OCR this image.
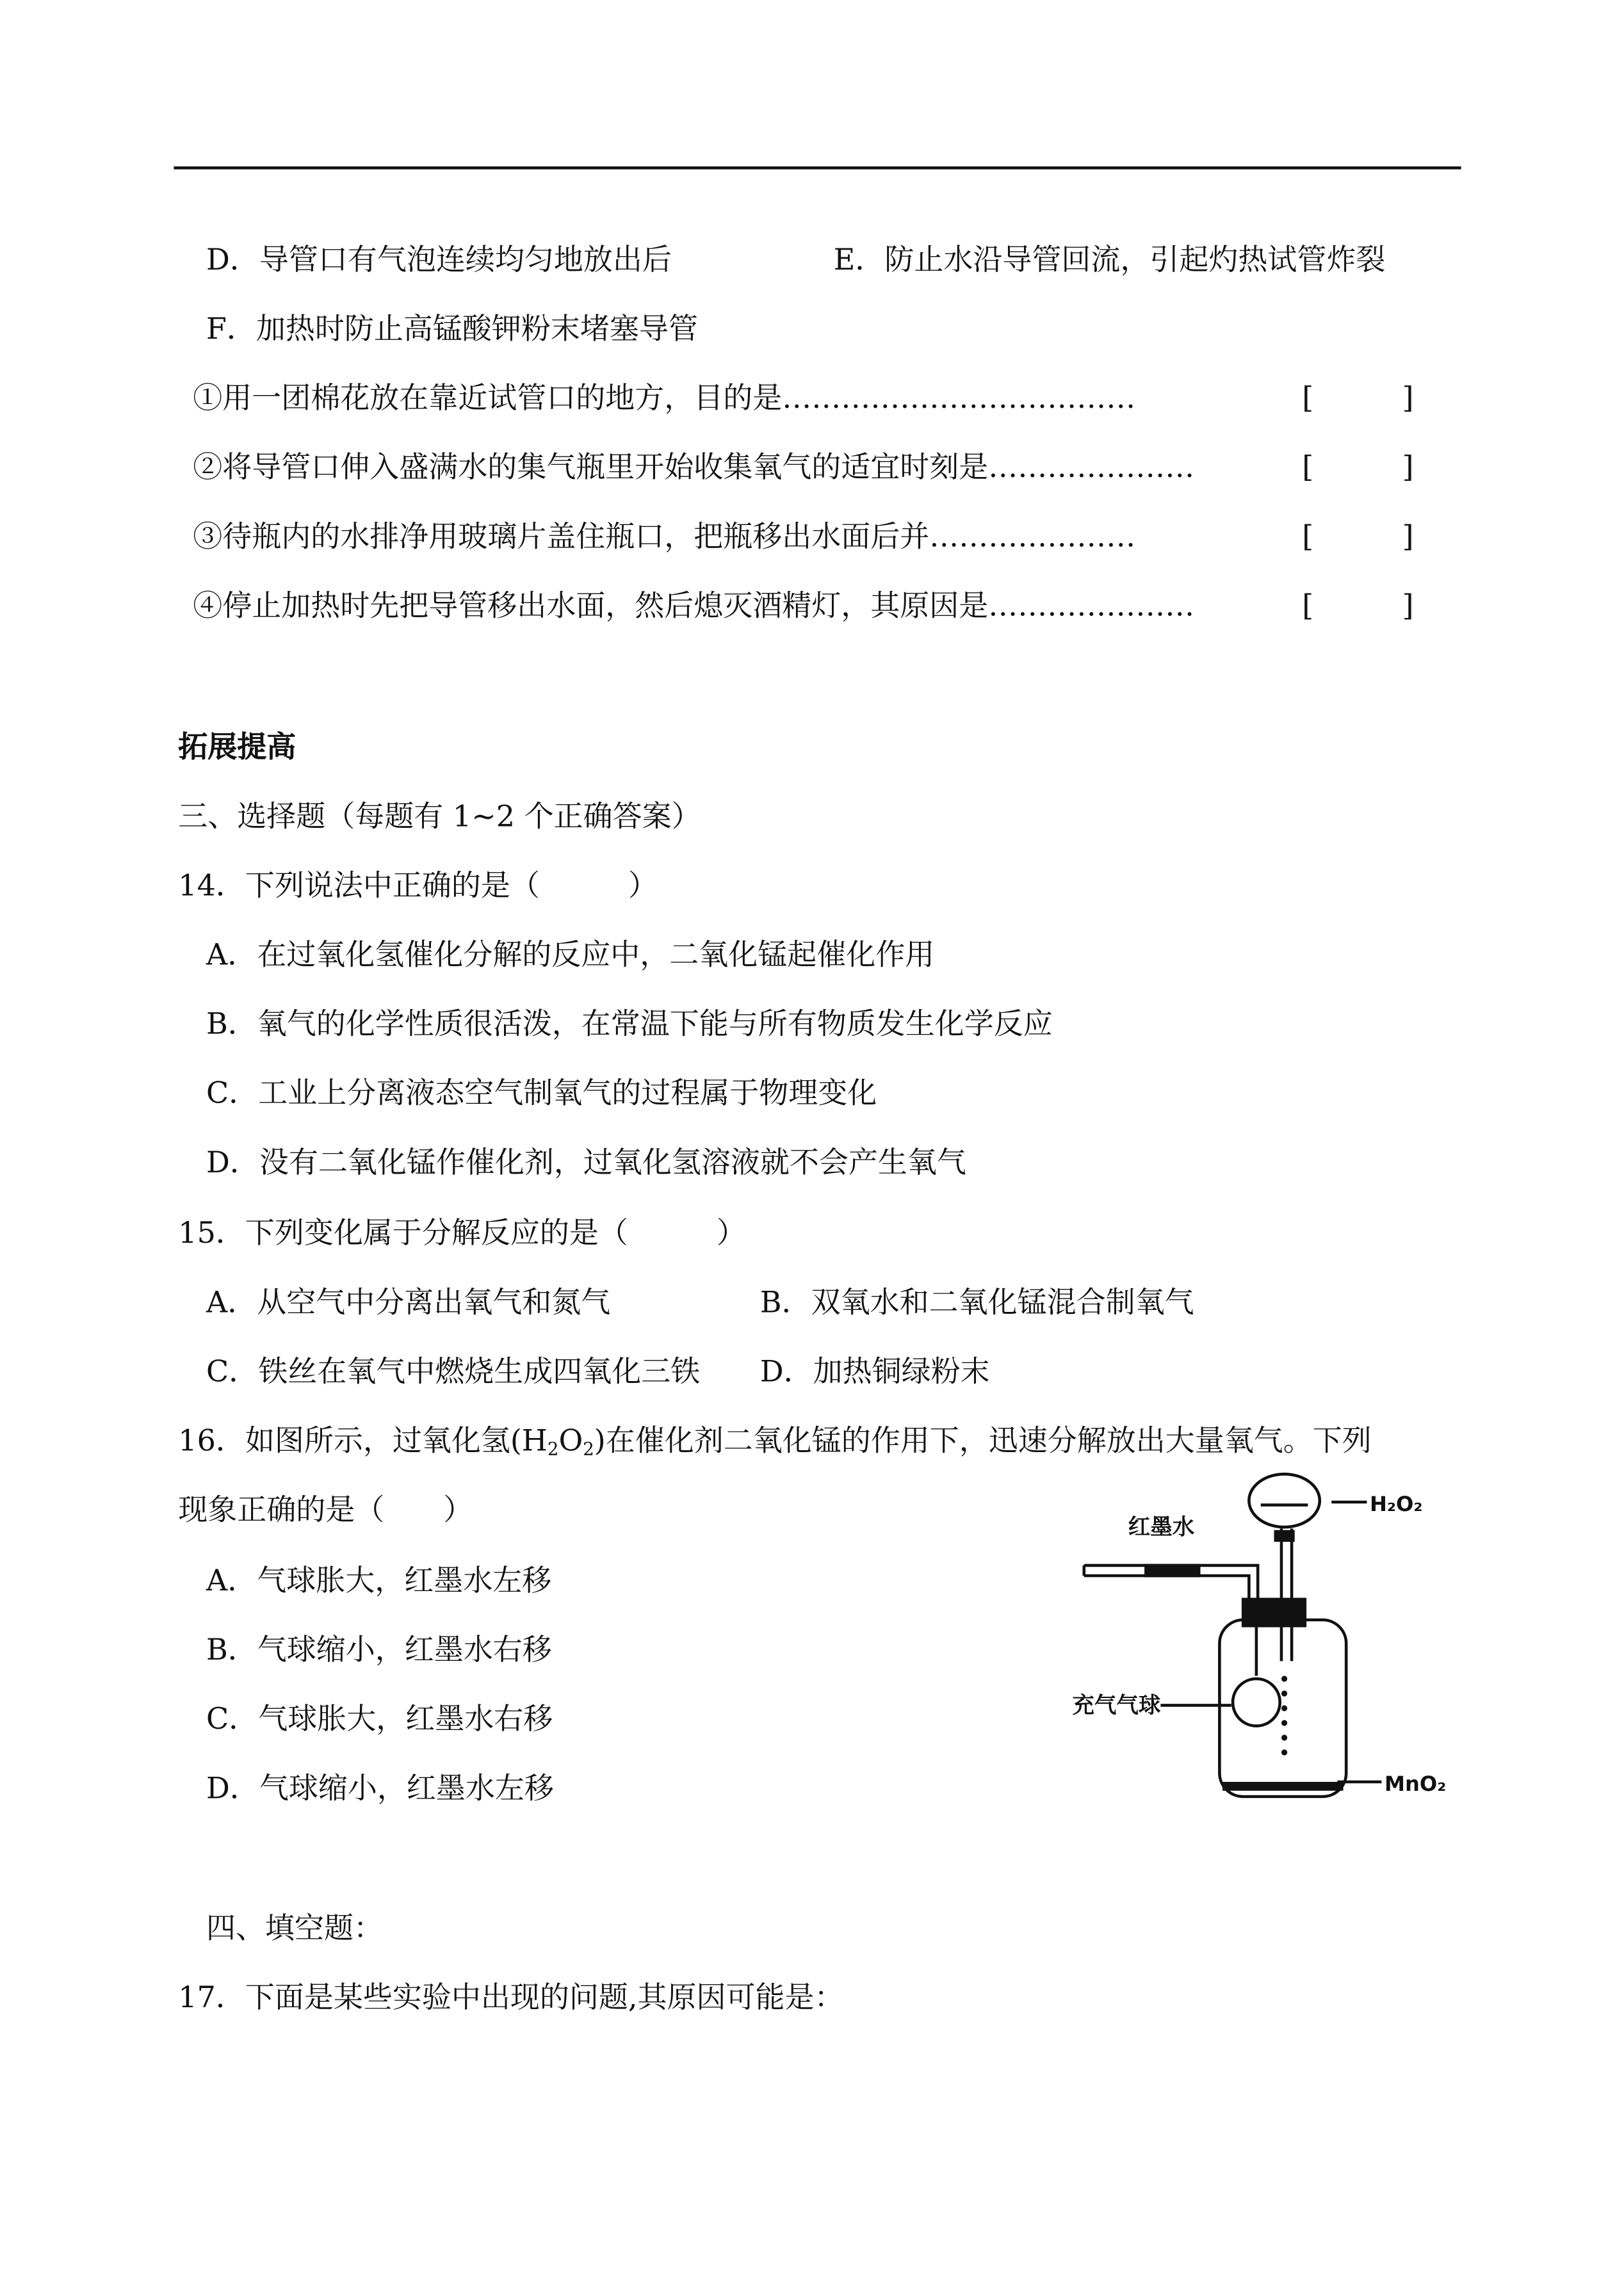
D．导管口有气泡连续均匀地放出后	E．防止水沿导管回流，引起灼热试管炸裂
F．加热时防止高锰酸钾粉末堵塞导管
①用一团棉花放在靠近试管口的地方，目的是………………………………	[	]
②将导管口伸入盛满水的集气瓶里开始收集氧气的适宜时刻是…………………	[	]
③待瓶内的水排净用玻璃片盖住瓶口，把瓶移出水面后并…………………	[	]
④停止加热时先把导管移出水面，然后熄灭酒精灯，其原因是…………………	[	]
拓展提高
三、选择题（每题有 1~2 个正确答案）
14．下列说法中正确的是（　　　）
A．在过氧化氢催化分解的反应中，二氧化锰起催化作用
B．氧气的化学性质很活泼，在常温下能与所有物质发生化学反应
C．工业上分离液态空气制氧气的过程属于物理变化
D．没有二氧化锰作催化剂，过氧化氢溶液就不会产生氧气
15．下列变化属于分解反应的是（　　　）
A．从空气中分离出氧气和氮气	B．双氧水和二氧化锰混合制氧气
C．铁丝在氧气中燃烧生成四氧化三铁	D．加热铜绿粉末
16．如图所示，过氧化氢$(H_2O_2)$在催化剂二氧化锰的作用下，迅速分解放出大量氧气。下列
现象正确的是（　　）
A．气球胀大，红墨水左移
B．气球缩小，红墨水右移
C．气球胀大，红墨水右移
D．气球缩小，红墨水左移
红墨水
H₂O₂
充气气球
MnO₂
四、填空题：
17．下面是某些实验中出现的问题,其原因可能是：
